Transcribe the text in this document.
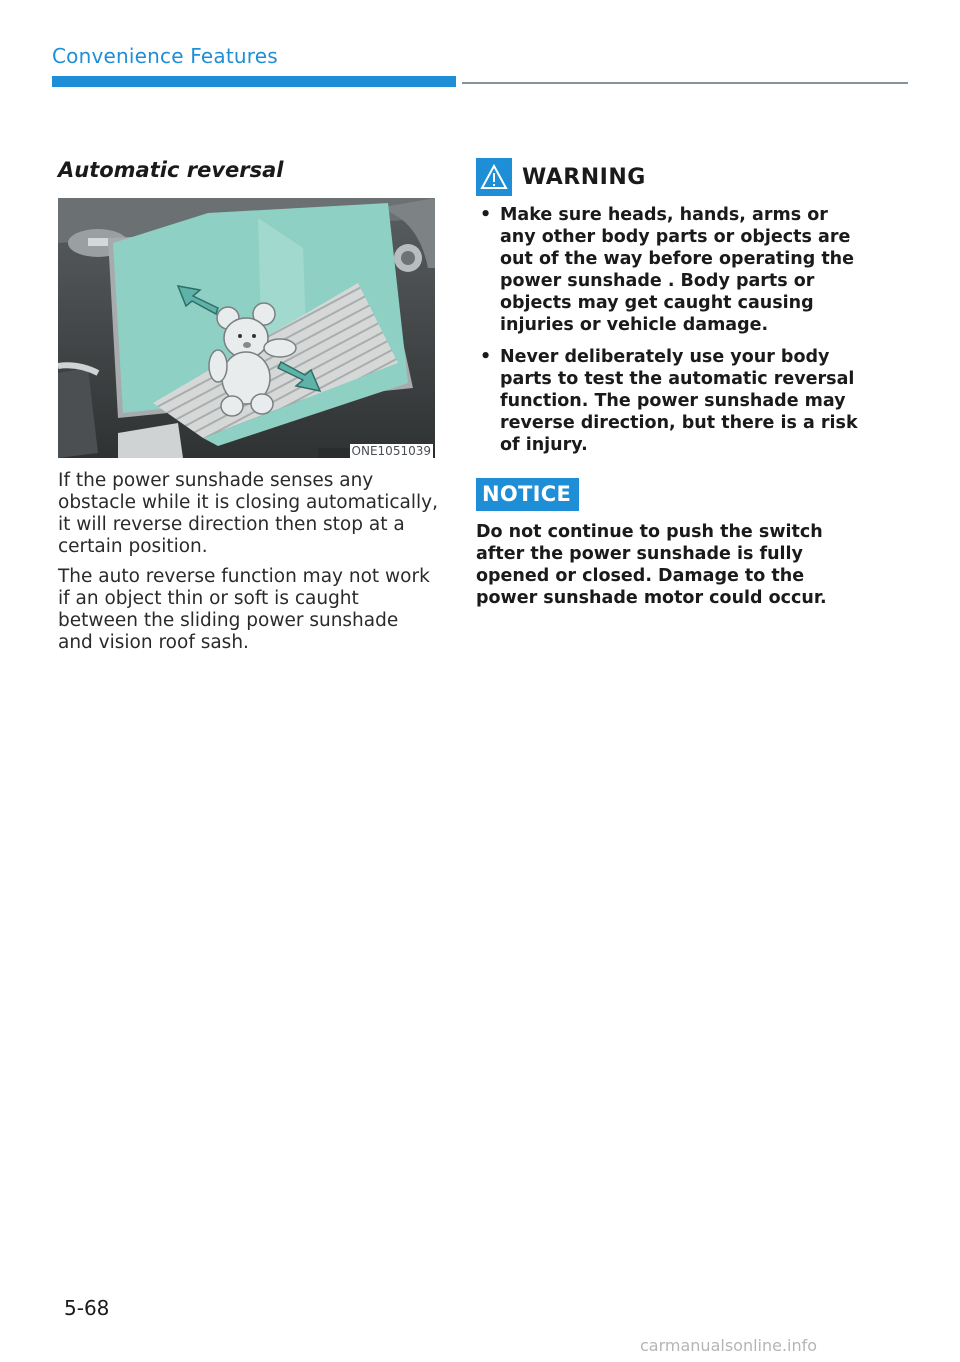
Convenience Features
Automatic reversal
ONE1051039

If the power sunshade senses any obstacle while it is closing automatically, it will reverse direction then stop at a certain position.

The auto reverse function may not work if an object thin or soft is caught between the sliding power sunshade and vision roof sash.

WARNING
• Make sure heads, hands, arms or any other body parts or objects are out of the way before operating the power sunshade . Body parts or objects may get caught causing injuries or vehicle damage.
• Never deliberately use your body parts to test the automatic reversal function. The power sunshade may reverse direction, but there is a risk of injury.
NOTICE

Do not continue to push the switch after the power sunshade is fully opened or closed. Damage to the power sunshade motor could occur.

5-68
carmanualsonline.info
